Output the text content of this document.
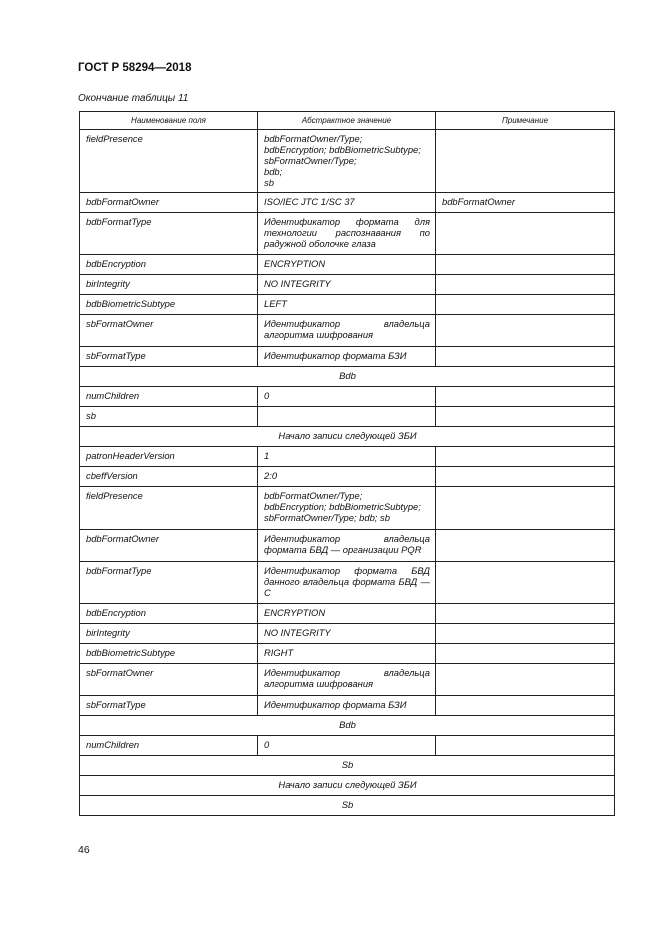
ГОСТ Р 58294—2018
Окончание таблицы 11
Наименование поля	Абстрактное значение	Примечание
fieldPresence	bdbFormatOwner/Type;
bdbEncryption; bdbBiometricSubtype;
sbFormatOwner/Type;
bdb;
sb	
bdbFormatOwner	ISO/IEC JTC 1/SC 37	bdbFormatOwner
bdbFormatType	Идентификатор формата для технологии распознавания по радужной оболочке глаза	
bdbEncryption	ENCRYPTION	
birIntegrity	NO INTEGRITY	
bdbBiometricSubtype	LEFT	
sbFormatOwner	Идентификатор владельца алгоритма шифрования	
sbFormatType	Идентификатор формата БЗИ	
Bdb		
numChildren	0	
sb		
Начало записи следующей ЗБИ		
patronHeaderVersion	1	
cbeffVersion	2:0	
fieldPresence	bdbFormatOwner/Type;
bdbEncryption; bdbBiometricSubtype;
sbFormatOwner/Type; bdb; sb	
bdbFormatOwner	Идентификатор владельца формата БВД — организации PQR	
bdbFormatType	Идентификатор формата БВД данного владельца формата БВД — С	
bdbEncryption	ENCRYPTION	
birIntegrity	NO INTEGRITY	
bdbBiometricSubtype	RIGHT	
sbFormatOwner	Идентификатор владельца алгоритма шифрования	
sbFormatType	Идентификатор формата БЗИ	
Bdb		
numChildren	0	
Sb		
Начало записи следующей ЗБИ		
Sb		
46
